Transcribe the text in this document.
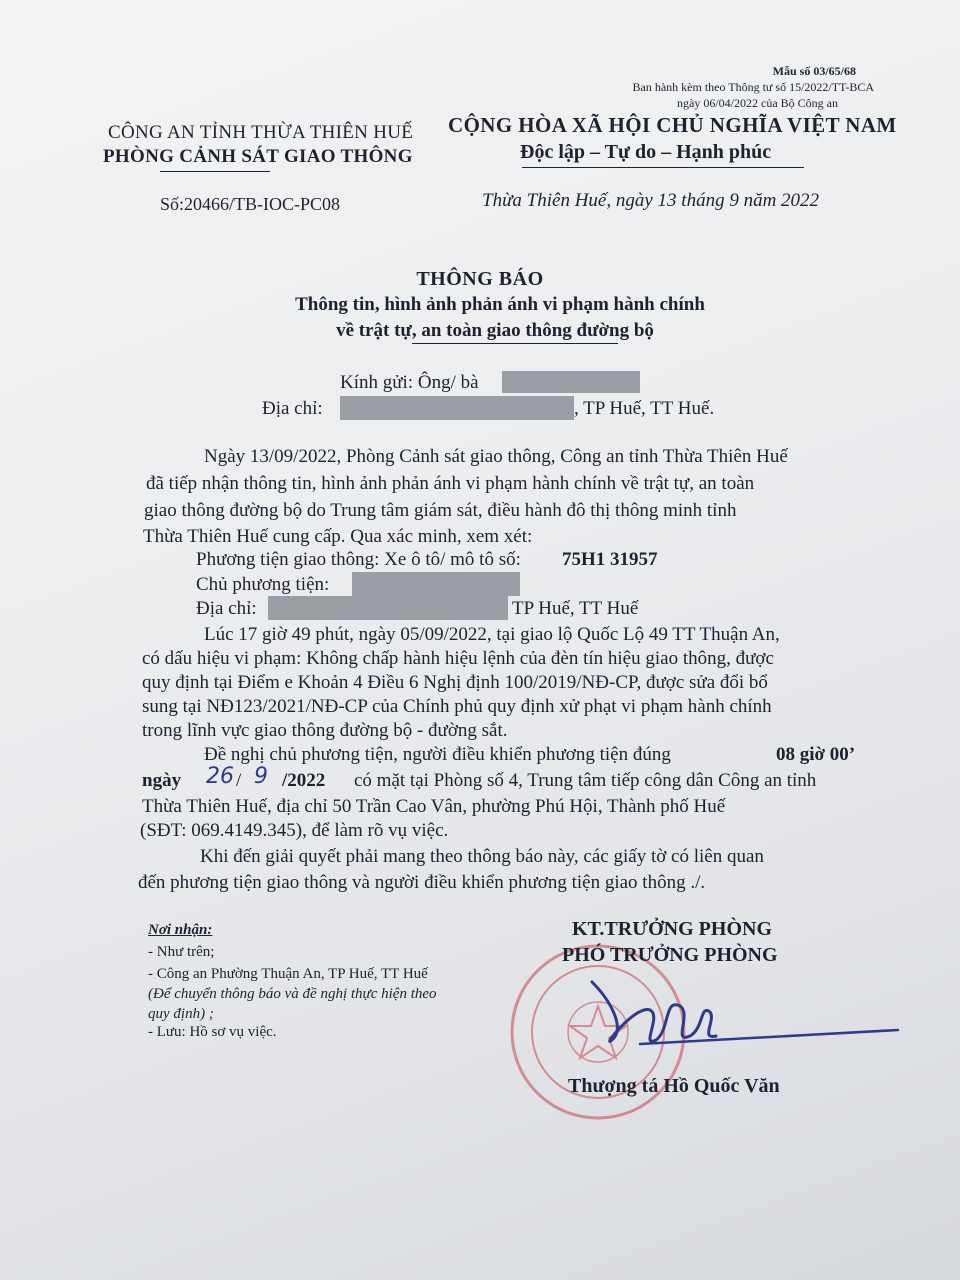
Mẫu số 03/65/68
Ban hành kèm theo Thông tư số 15/2022/TT-BCA
ngày 06/04/2022 của Bộ Công an
CÔNG AN TỈNH THỪA THIÊN HUẾ
PHÒNG CẢNH SÁT GIAO THÔNG
Số:20466/TB-IOC-PC08
CỘNG HÒA XÃ HỘI CHỦ NGHĨA VIỆT NAM
Độc lập – Tự do – Hạnh phúc
Thừa Thiên Huế, ngày 13 tháng 9 năm 2022
THÔNG BÁO
Thông tin, hình ảnh phản ánh vi phạm hành chính
về trật tự, an toàn giao thông đường bộ
Kính gửi: Ông/ bà
Địa chỉ:	, TP Huế, TT Huế.
Ngày 13/09/2022, Phòng Cảnh sát giao thông, Công an tỉnh Thừa Thiên Huế
đã tiếp nhận thông tin, hình ảnh phản ánh vi phạm hành chính về trật tự, an toàn
giao thông đường bộ do Trung tâm giám sát, điều hành đô thị thông minh tỉnh
Thừa Thiên Huế cung cấp. Qua xác minh, xem xét:
Phương tiện giao thông: Xe ô tô/ mô tô số: 75H1 31957
Chủ phương tiện:
Địa chỉ:	TP Huế, TT Huế
Lúc 17 giờ 49 phút, ngày 05/09/2022, tại giao lộ Quốc Lộ 49 TT Thuận An,
có dấu hiệu vi phạm: Không chấp hành hiệu lệnh của đèn tín hiệu giao thông, được
quy định tại Điểm e Khoản 4 Điều 6 Nghị định 100/2019/NĐ-CP, được sửa đổi bổ
sung tại NĐ123/2021/NĐ-CP của Chính phủ quy định xử phạt vi phạm hành chính
trong lĩnh vực giao thông đường bộ - đường sắt.
Đề nghị chủ phương tiện, người điều khiển phương tiện đúng	08 giờ 00’
ngày 26 / 9 /2022 có mặt tại Phòng số 4, Trung tâm tiếp công dân Công an tỉnh
Thừa Thiên Huế, địa chỉ 50 Trần Cao Vân, phường Phú Hội, Thành phố Huế
(SĐT: 069.4149.345), để làm rõ vụ việc.
Khi đến giải quyết phải mang theo thông báo này, các giấy tờ có liên quan
đến phương tiện giao thông và người điều khiển phương tiện giao thông ./.
Nơi nhận:
- Như trên;
- Công an Phường Thuận An, TP Huế, TT Huế
(Để chuyển thông báo và đề nghị thực hiện theo
quy định) ;
- Lưu: Hồ sơ vụ việc.
KT.TRƯỞNG PHÒNG
PHÓ TRƯỞNG PHÒNG
Thượng tá Hồ Quốc Văn
